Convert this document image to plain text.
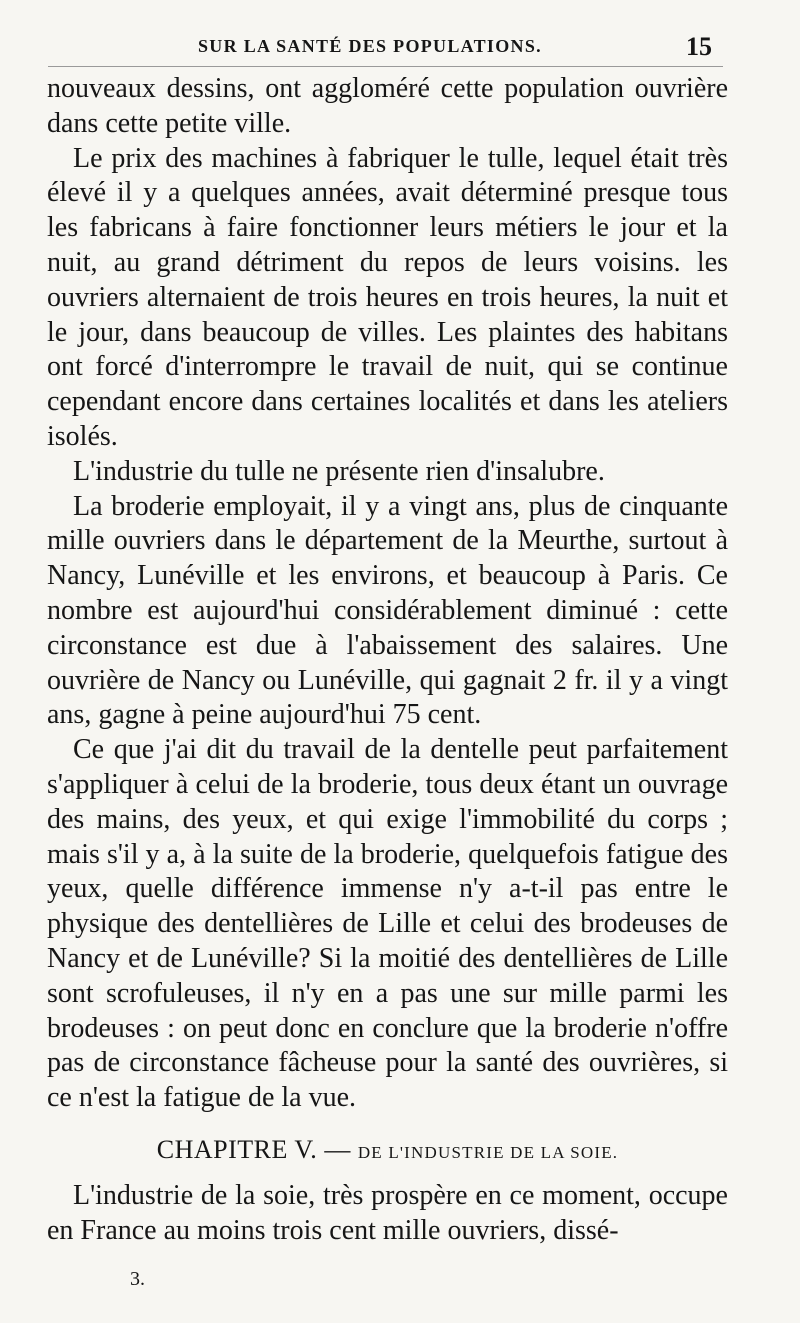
SUR LA SANTÉ DES POPULATIONS.	15

nouveaux dessins, ont aggloméré cette population ouvrière dans cette petite ville.

Le prix des machines à fabriquer le tulle, lequel était très élevé il y a quelques années, avait déterminé presque tous les fabricans à faire fonctionner leurs métiers le jour et la nuit, au grand détriment du repos de leurs voisins. les ouvriers alternaient de trois heures en trois heures, la nuit et le jour, dans beaucoup de villes. Les plaintes des habitans ont forcé d'interrompre le travail de nuit, qui se continue cependant encore dans certaines localités et dans les ateliers isolés.

L'industrie du tulle ne présente rien d'insalubre.

La broderie employait, il y a vingt ans, plus de cinquante mille ouvriers dans le département de la Meurthe, surtout à Nancy, Lunéville et les environs, et beaucoup à Paris. Ce nombre est aujourd'hui considérablement diminué : cette circonstance est due à l'abaissement des salaires. Une ouvrière de Nancy ou Lunéville, qui gagnait 2 fr. il y a vingt ans, gagne à peine aujourd'hui 75 cent.

Ce que j'ai dit du travail de la dentelle peut parfaitement s'appliquer à celui de la broderie, tous deux étant un ouvrage des mains, des yeux, et qui exige l'immobilité du corps ; mais s'il y a, à la suite de la broderie, quelquefois fatigue des yeux, quelle différence immense n'y a-t-il pas entre le physique des dentellières de Lille et celui des brodeuses de Nancy et de Lunéville? Si la moitié des dentellières de Lille sont scrofuleuses, il n'y en a pas une sur mille parmi les brodeuses : on peut donc en conclure que la broderie n'offre pas de circonstance fâcheuse pour la santé des ouvrières, si ce n'est la fatigue de la vue.

CHAPITRE V. — DE L'INDUSTRIE DE LA SOIE.

L'industrie de la soie, très prospère en ce moment, occupe en France au moins trois cent mille ouvriers, dissé-

3.
